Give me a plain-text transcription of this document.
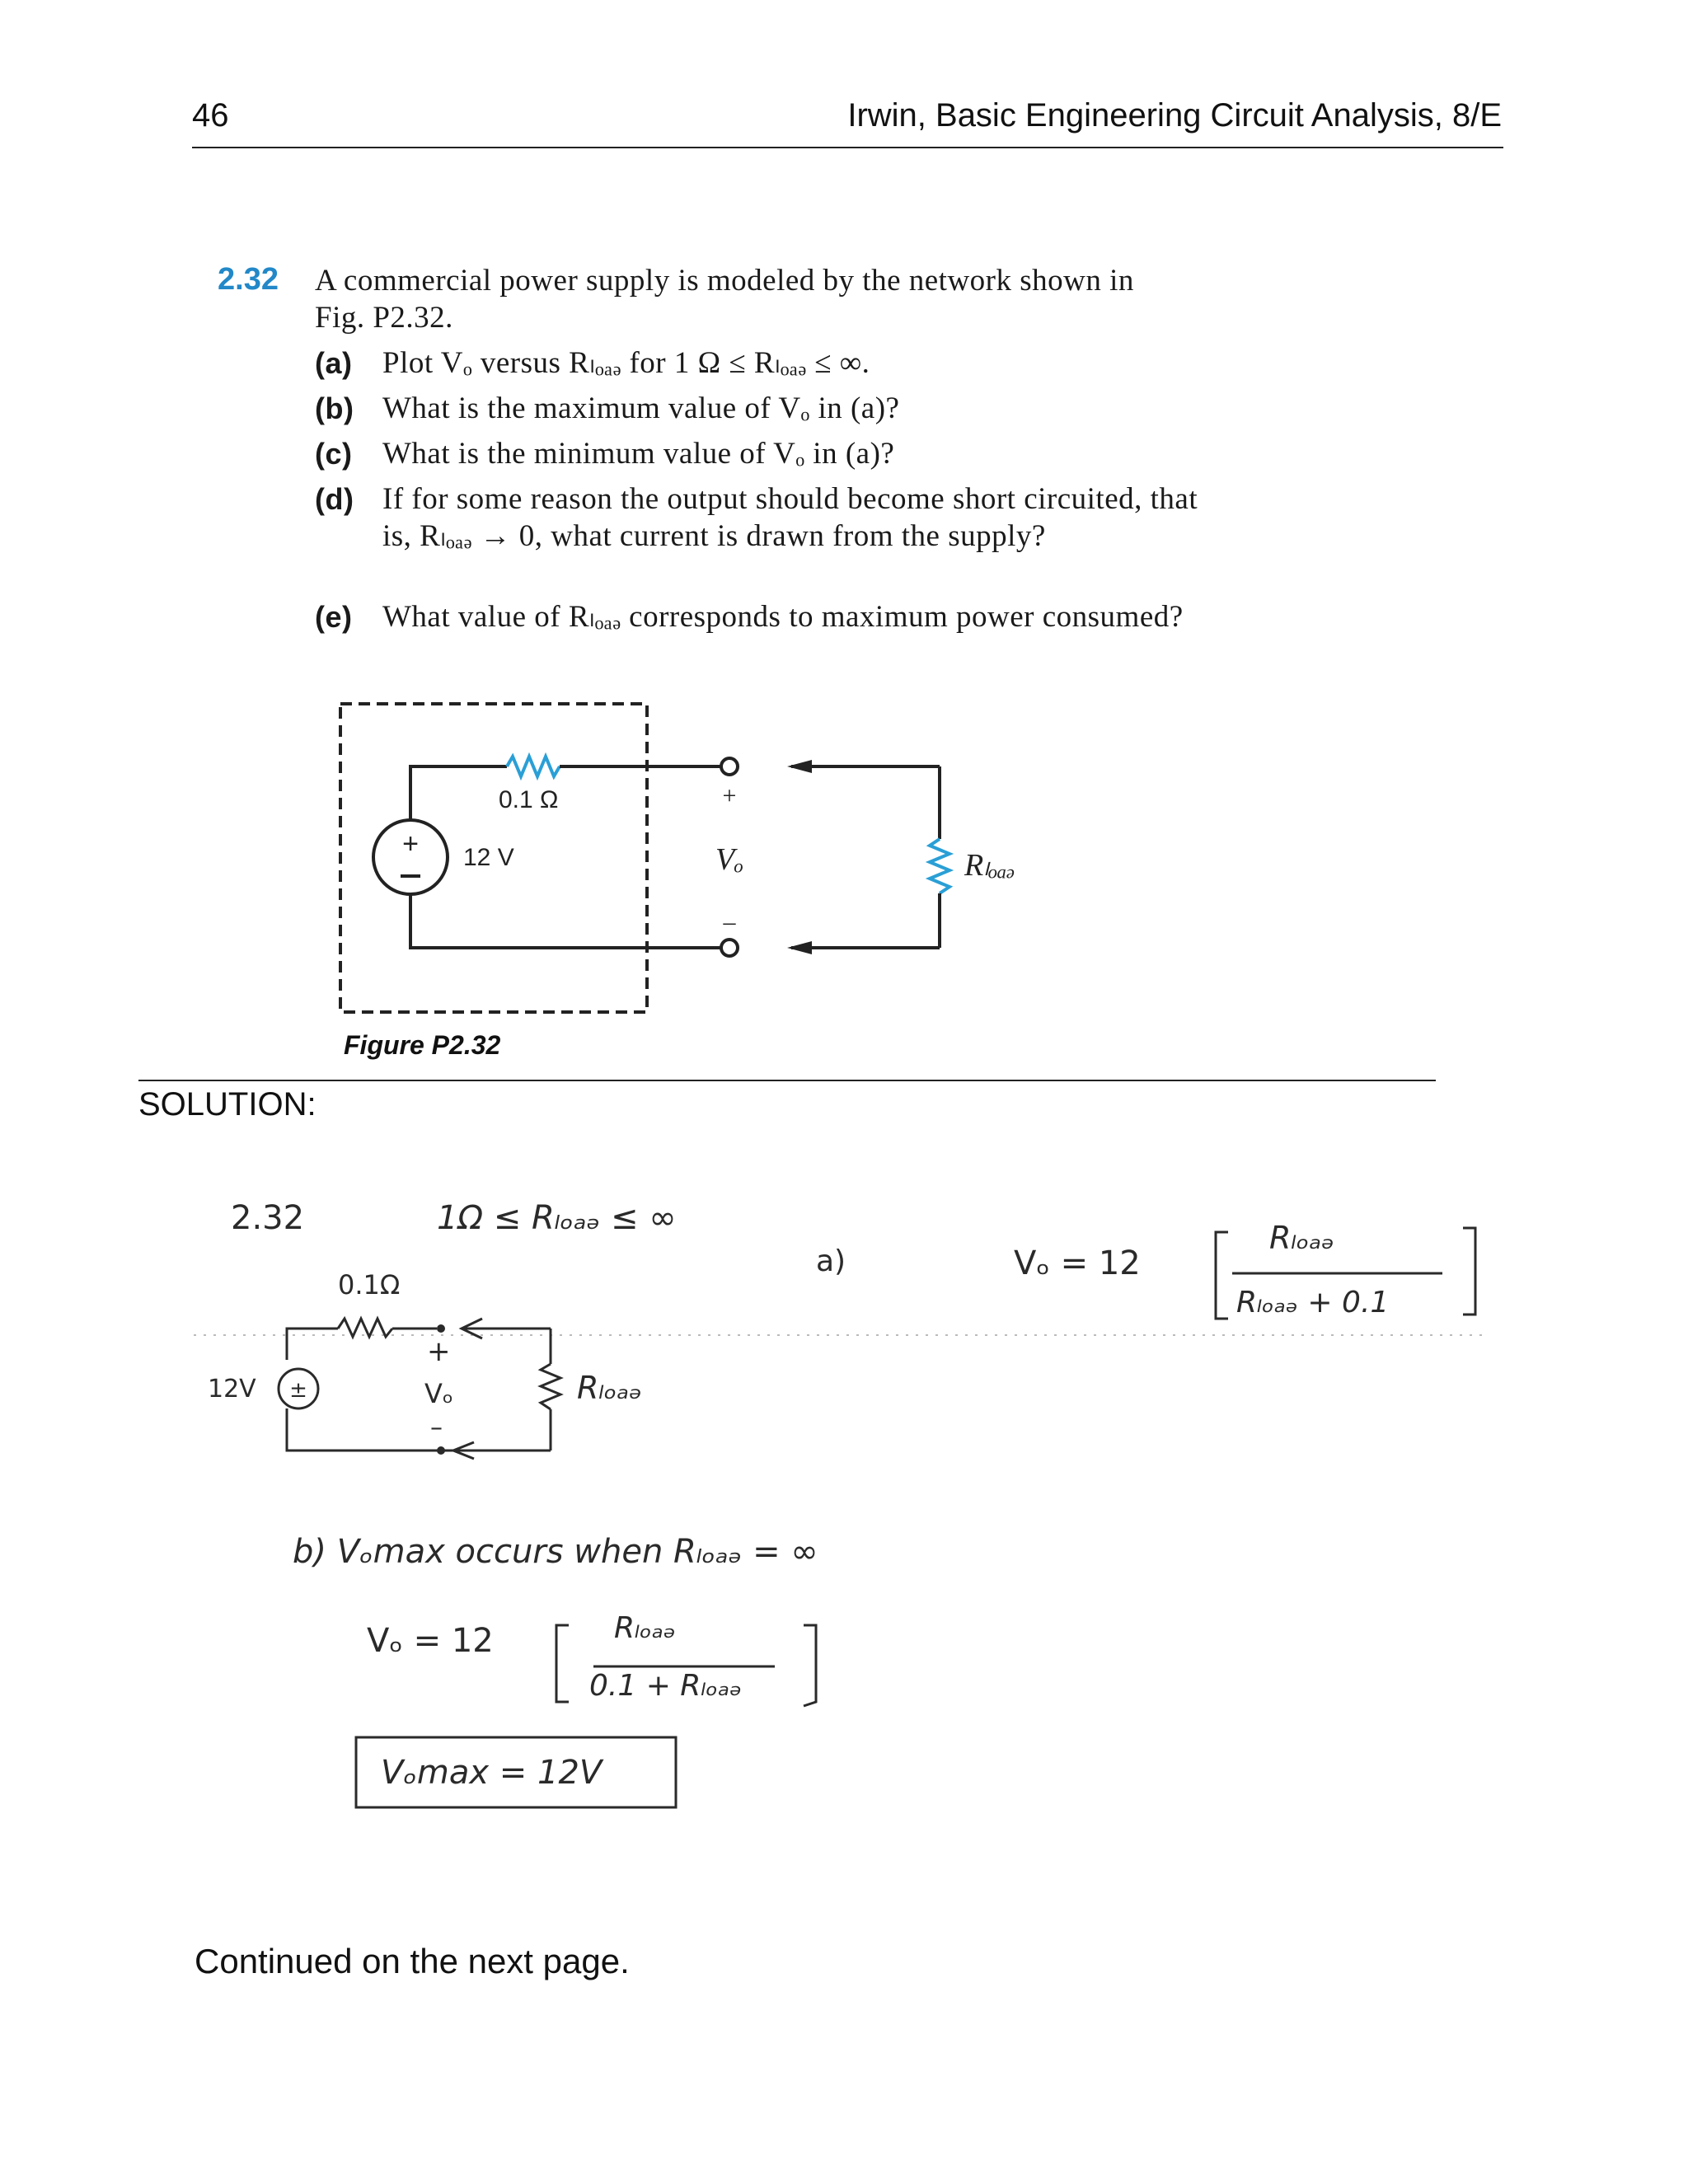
46	Irwin, Basic Engineering Circuit Analysis, 8/E
2.32 A commercial power supply is modeled by the network shown in Fig. P2.32.
(a) Plot Vₒ versus Rₗₒₐₔ for 1 Ω ≤ Rₗₒₐₔ ≤ ∞.
(b) What is the maximum value of Vₒ in (a)?
(c) What is the minimum value of Vₒ in (a)?
(d) If for some reason the output should become short circuited, that is, Rₗₒₐₔ → 0, what current is drawn from the supply?
(e) What value of Rₗₒₐₔ corresponds to maximum power consumed?
+
0.1 Ω
12 V
+
Vₒ
–
Rₗₒₐₔ
Figure P2.32
SOLUTION:
2.32	1Ω ≤ Rₗₒₐₔ ≤ ∞
a)	Vₒ = 12
Rₗₒₐₔ
Rₗₒₐₔ + 0.1
±
0.1Ω
12V
+
Vₒ
–
Rₗₒₐₔ
b) Vₒmax occurs when Rₗₒₐₔ = ∞
Vₒ = 12	Rₗₒₐₔ
0.1 + Rₗₒₐₔ
Vₒmax = 12V
Continued on the next page.
